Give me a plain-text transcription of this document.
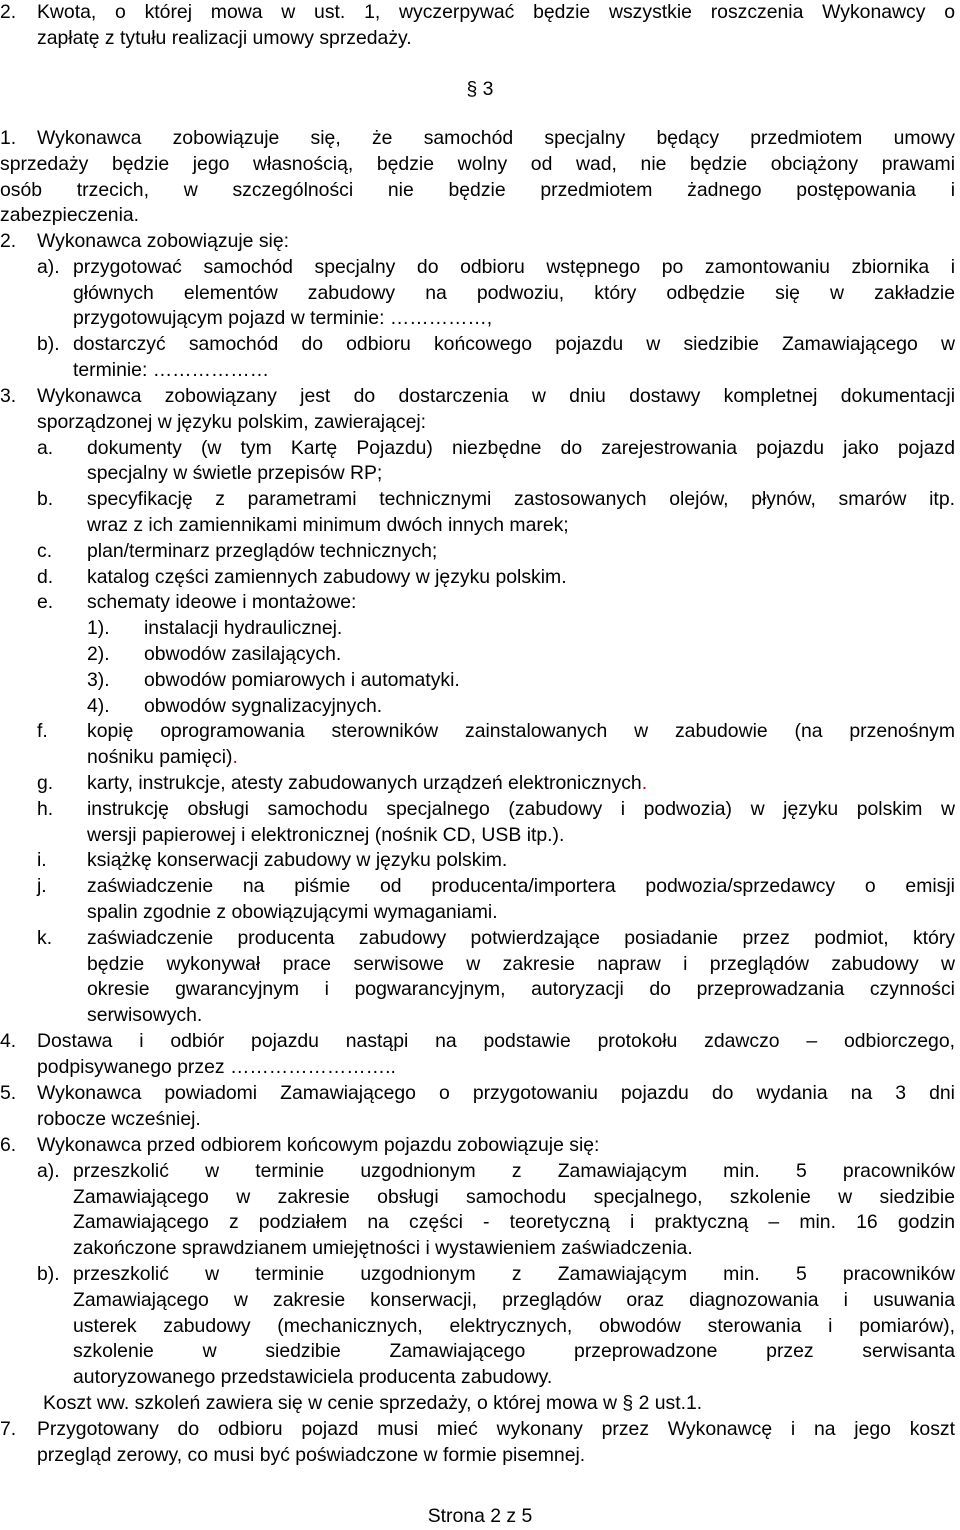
2. Kwota, o której mowa w ust. 1, wyczerpywać będzie wszystkie roszczenia Wykonawcy o
zapłatę z tytułu realizacji umowy sprzedaży.
§ 3
1. Wykonawca zobowiązuje się, że samochód specjalny będący przedmiotem umowy
sprzedaży będzie jego własnością, będzie wolny od wad, nie będzie obciążony prawami
osób trzecich, w szczególności nie będzie przedmiotem żadnego postępowania i
zabezpieczenia.
2. Wykonawca zobowiązuje się:
a). przygotować samochód specjalny do odbioru wstępnego po zamontowaniu zbiornika i
głównych elementów zabudowy na podwoziu, który odbędzie się w zakładzie
przygotowującym pojazd w terminie: ……………,
b). dostarczyć samochód do odbioru końcowego pojazdu w siedzibie Zamawiającego w
terminie: ………………
3. Wykonawca zobowiązany jest do dostarczenia w dniu dostawy kompletnej dokumentacji
sporządzonej w języku polskim, zawierającej:
a. dokumenty (w tym Kartę Pojazdu) niezbędne do zarejestrowania pojazdu jako pojazd
specjalny w świetle przepisów RP;
b. specyfikację z parametrami technicznymi zastosowanych olejów, płynów, smarów itp.
wraz z ich zamiennikami minimum dwóch innych marek;
c. plan/terminarz przeglądów technicznych;
d. katalog części zamiennych zabudowy w języku polskim.
e. schematy ideowe i montażowe:
1). instalacji hydraulicznej.
2). obwodów zasilających.
3). obwodów pomiarowych i automatyki.
4). obwodów sygnalizacyjnych.
f. kopię oprogramowania sterowników zainstalowanych w zabudowie (na przenośnym
nośniku pamięci).
g. karty, instrukcje, atesty zabudowanych urządzeń elektronicznych.
h. instrukcję obsługi samochodu specjalnego (zabudowy i podwozia) w języku polskim w
wersji papierowej i elektronicznej (nośnik CD, USB itp.).
i. książkę konserwacji zabudowy w języku polskim.
j. zaświadczenie na piśmie od producenta/importera podwozia/sprzedawcy o emisji
spalin zgodnie z obowiązującymi wymaganiami.
k. zaświadczenie producenta zabudowy potwierdzające posiadanie przez podmiot, który
będzie wykonywał prace serwisowe w zakresie napraw i przeglądów zabudowy w
okresie gwarancyjnym i pogwarancyjnym, autoryzacji do przeprowadzania czynności
serwisowych.
4. Dostawa i odbiór pojazdu nastąpi na podstawie protokołu zdawczo – odbiorczego,
podpisywanego przez ……………………..
5. Wykonawca powiadomi Zamawiającego o przygotowaniu pojazdu do wydania na 3 dni
robocze wcześniej.
6. Wykonawca przed odbiorem końcowym pojazdu zobowiązuje się:
a). przeszkolić w terminie uzgodnionym z Zamawiającym min. 5 pracowników
Zamawiającego w zakresie obsługi samochodu specjalnego, szkolenie w siedzibie
Zamawiającego z podziałem na części - teoretyczną i praktyczną – min. 16 godzin
zakończone sprawdzianem umiejętności i wystawieniem zaświadczenia.
b). przeszkolić w terminie uzgodnionym z Zamawiającym min. 5 pracowników
Zamawiającego w zakresie konserwacji, przeglądów oraz diagnozowania i usuwania
usterek zabudowy (mechanicznych, elektrycznych, obwodów sterowania i pomiarów),
szkolenie w siedzibie Zamawiającego przeprowadzone przez serwisanta
autoryzowanego przedstawiciela producenta zabudowy.
Koszt ww. szkoleń zawiera się w cenie sprzedaży, o której mowa w § 2 ust.1.
7. Przygotowany do odbioru pojazd musi mieć wykonany przez Wykonawcę i na jego koszt
przegląd zerowy, co musi być poświadczone w formie pisemnej.
Strona 2 z 5
